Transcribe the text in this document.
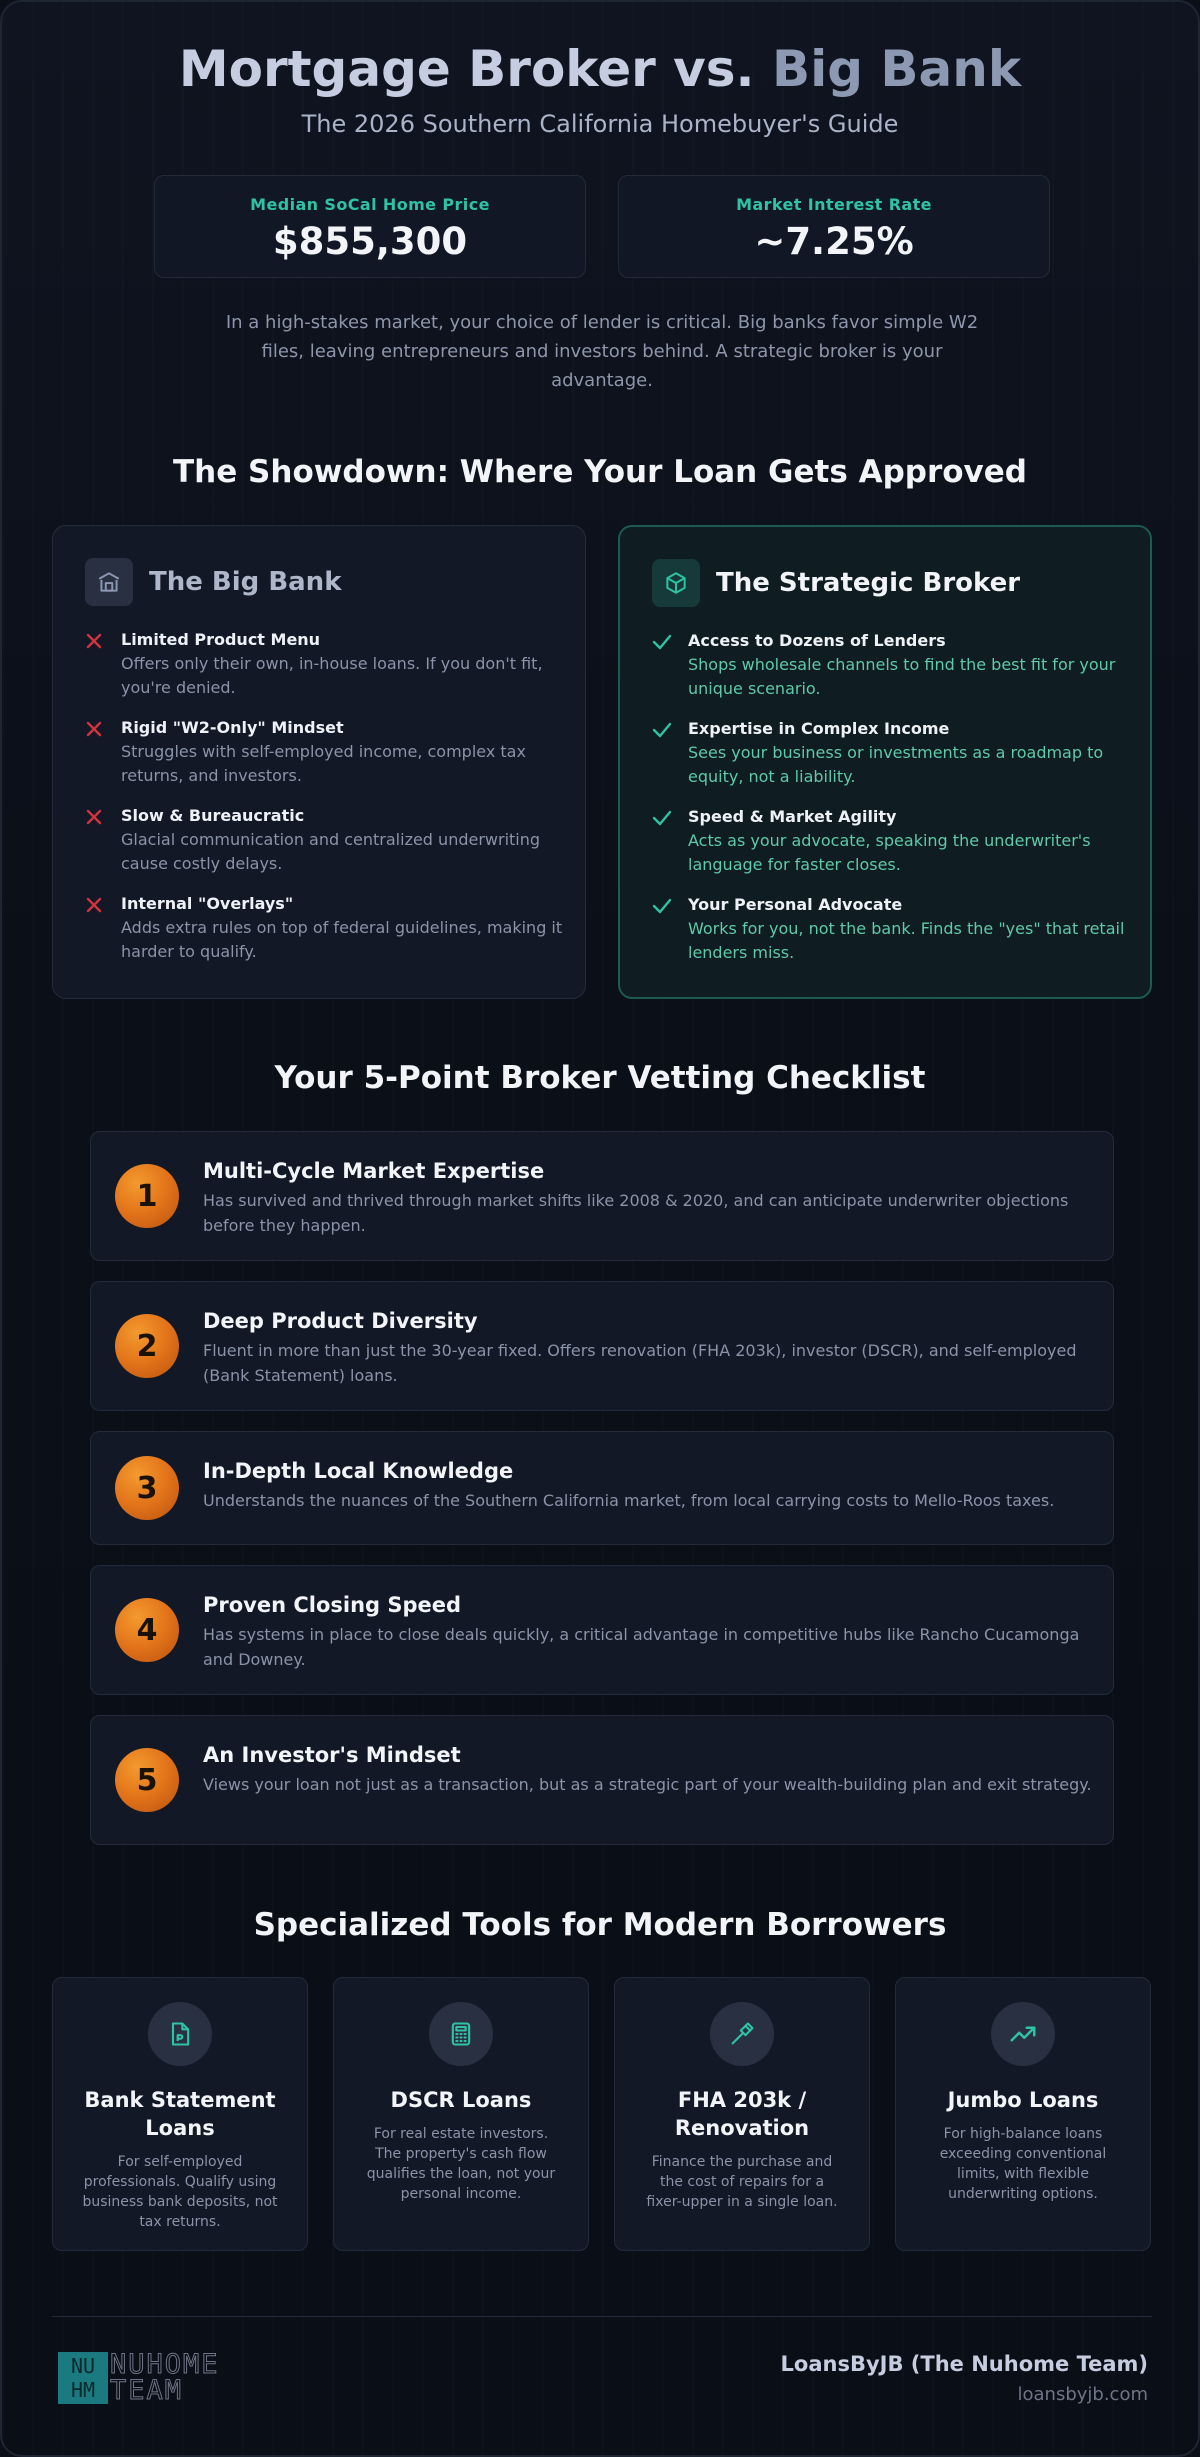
Mortgage Broker vs. Big Bank
The 2026 Southern California Homebuyer's Guide
Median SoCal Home Price
$855,300
Market Interest Rate
~7.25%

In a high-stakes market, your choice of lender is critical. Big banks favor simple W2 files, leaving entrepreneurs and investors behind. A strategic broker is your advantage.

The Showdown: Where Your Loan Gets Approved
The Big Bank
Limited Product Menu
Offers only their own, in-house loans. If you don't fit, you're denied.
Rigid "W2-Only" Mindset
Struggles with self-employed income, complex tax returns, and investors.
Slow & Bureaucratic
Glacial communication and centralized underwriting cause costly delays.
Internal "Overlays"
Adds extra rules on top of federal guidelines, making it harder to qualify.
The Strategic Broker
Access to Dozens of Lenders
Shops wholesale channels to find the best fit for your unique scenario.
Expertise in Complex Income
Sees your business or investments as a roadmap to equity, not a liability.
Speed & Market Agility
Acts as your advocate, speaking the underwriter's language for faster closes.
Your Personal Advocate
Works for you, not the bank. Finds the "yes" that retail lenders miss.
Your 5-Point Broker Vetting Checklist
1
Multi-Cycle Market Expertise
Has survived and thrived through market shifts like 2008 & 2020, and can anticipate underwriter objections before they happen.
2
Deep Product Diversity
Fluent in more than just the 30-year fixed. Offers renovation (FHA 203k), investor (DSCR), and self-employed (Bank Statement) loans.
3	In-Depth Local Knowledge
Understands the nuances of the Southern California market, from local carrying costs to Mello-Roos taxes.
4
Proven Closing Speed
Has systems in place to close deals quickly, a critical advantage in competitive hubs like Rancho Cucamonga and Downey.
5
An Investor's Mindset
Views your loan not just as a transaction, but as a strategic part of your wealth-building plan and exit strategy.
Specialized Tools for Modern Borrowers
Bank Statement Loans
For self-employed professionals. Qualify using business bank deposits, not tax returns.
DSCR Loans
For real estate investors. The property's cash flow qualifies the loan, not your personal income.
FHA 203k / Renovation
Finance the purchase and the cost of repairs for a fixer-upper in a single loan.
Jumbo Loans
For high-balance loans exceeding conventional limits, with flexible underwriting options.
NU
HM
NUHOME
TEAM
LoansByJB (The Nuhome Team)
loansbyjb.com
